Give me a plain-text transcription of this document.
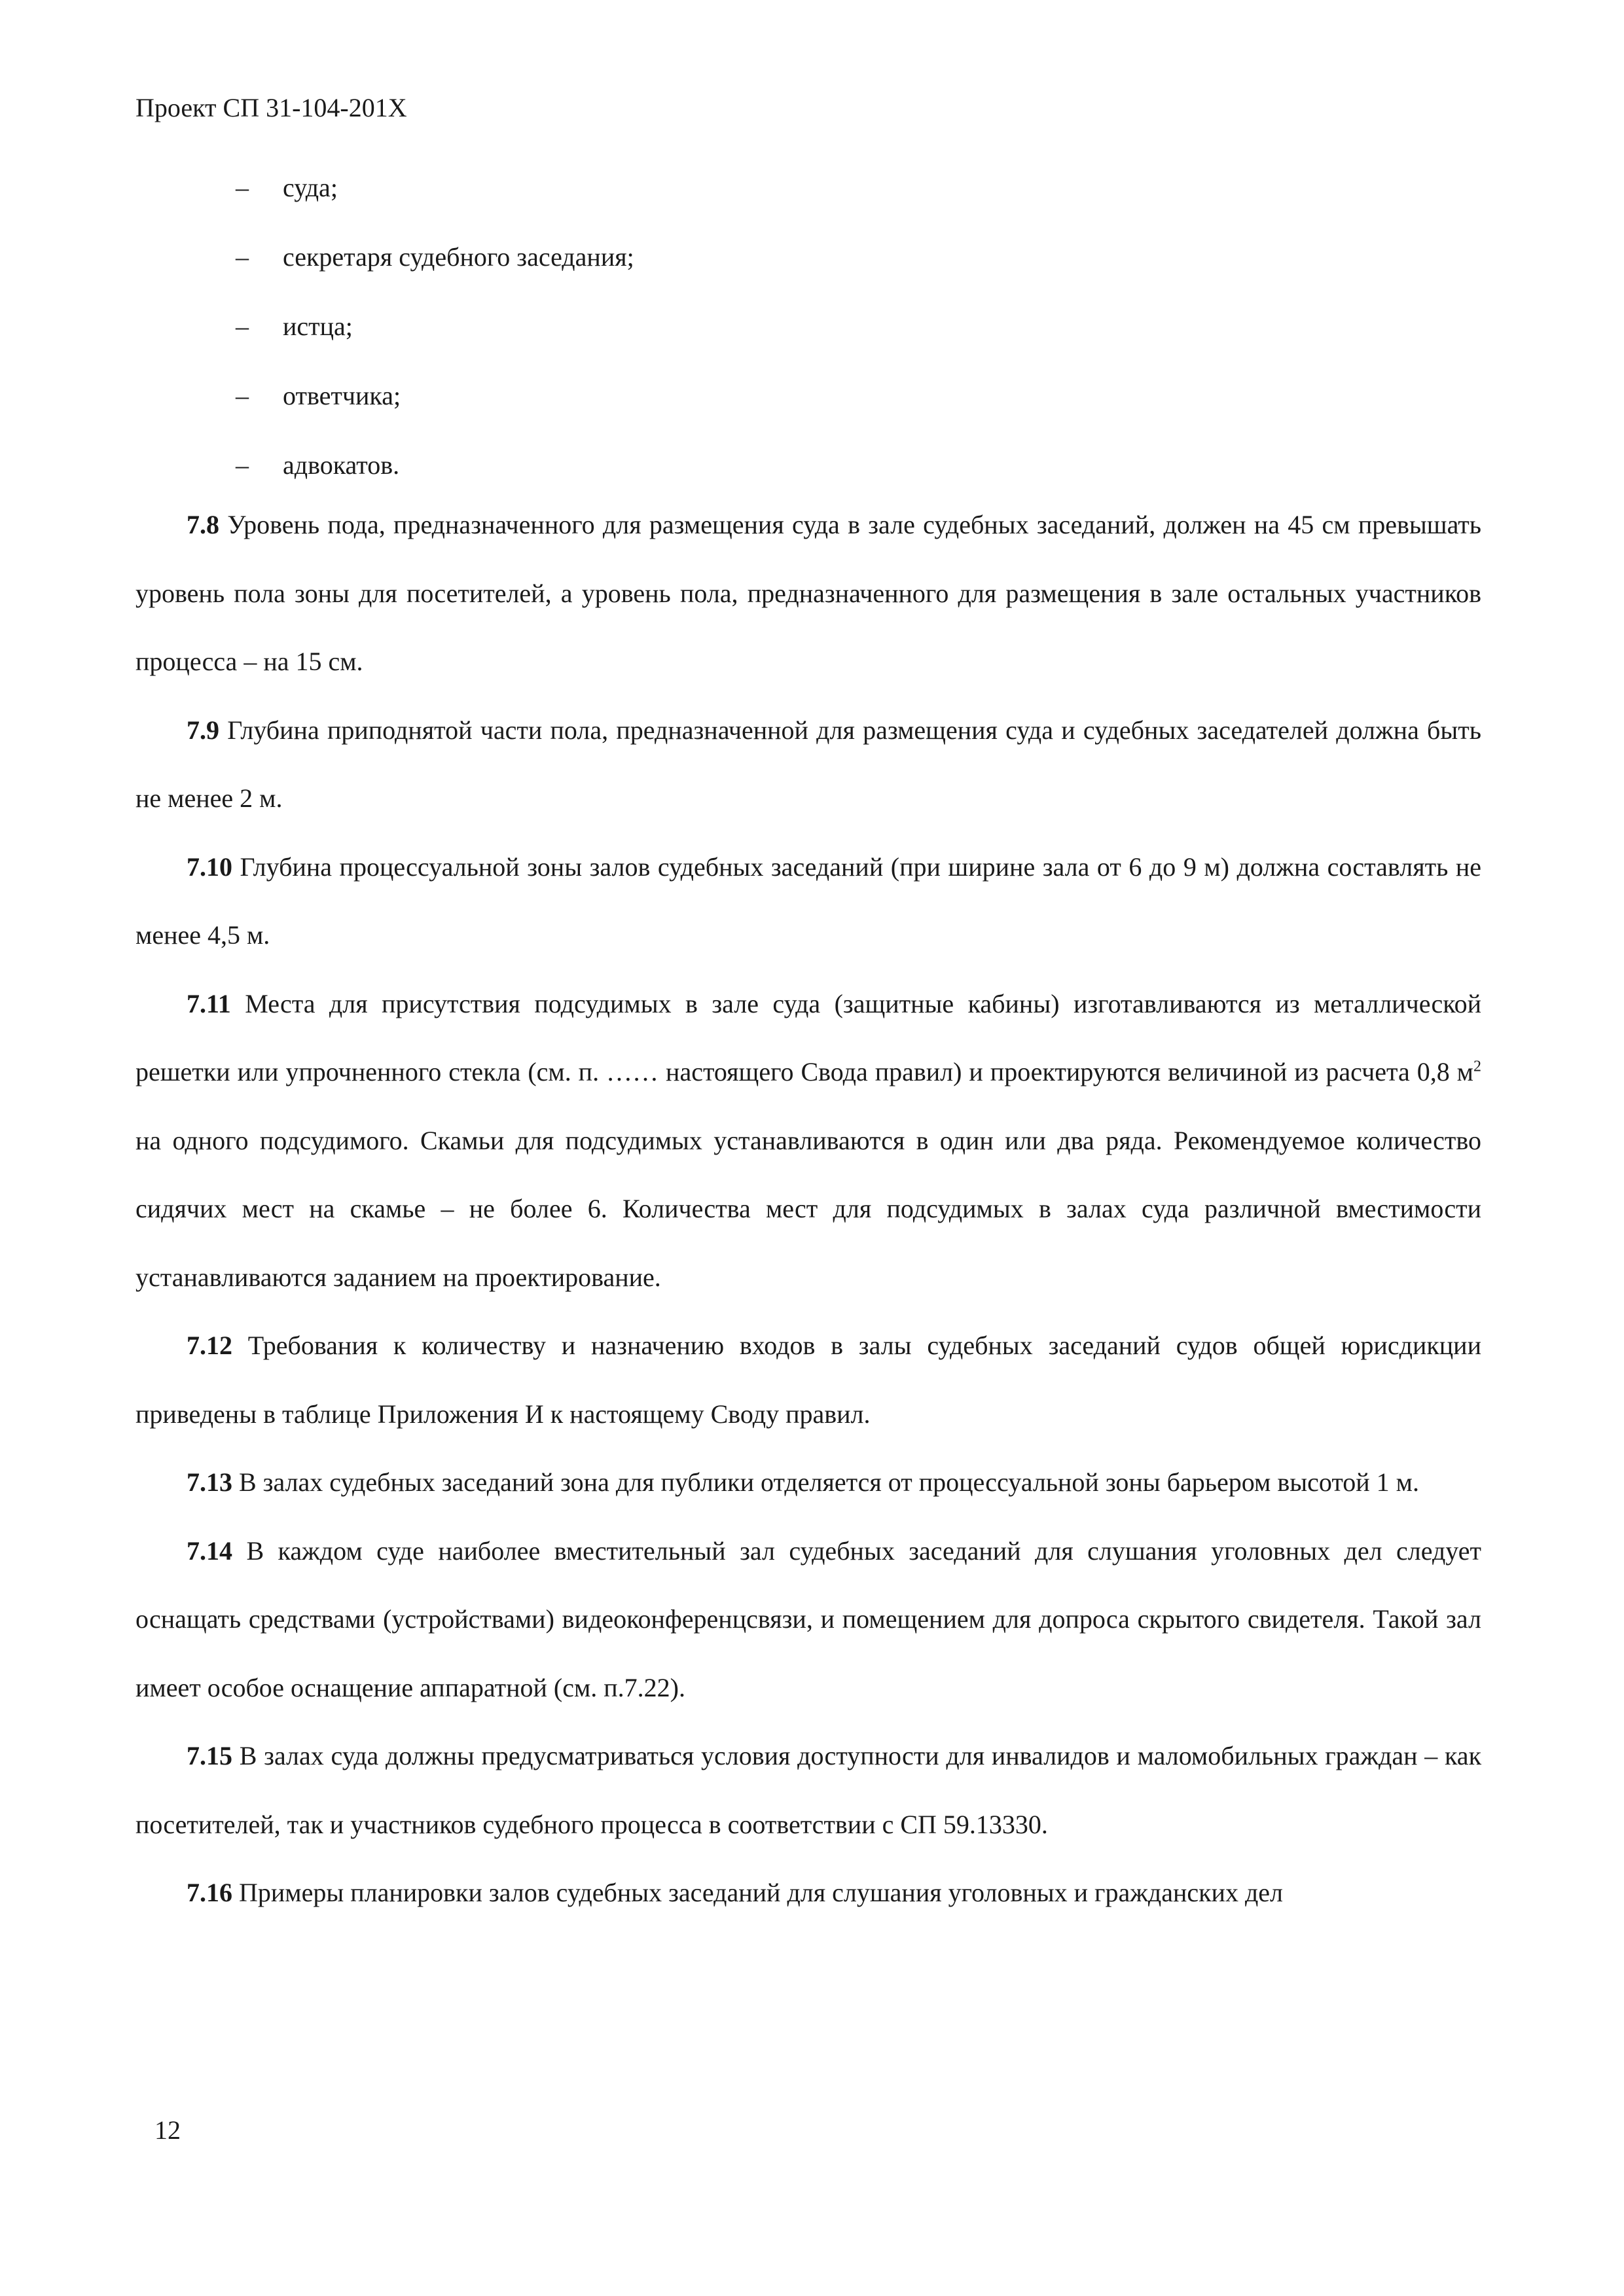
Проект СП 31-104-201Х
– суда;
– секретаря судебного заседания;
– истца;
– ответчика;
– адвокатов.

7.8 Уровень пода, предназначенного для размещения суда в зале судебных заседаний, должен на 45 см превышать уровень пола зоны для посетителей, а уровень пола, предназначенного для размещения в зале остальных участников процесса – на 15 см.

7.9 Глубина приподнятой части пола, предназначенной для размещения суда и судебных заседателей должна быть не менее 2 м.

7.10 Глубина процессуальной зоны залов судебных заседаний (при ширине зала от 6 до 9 м) должна составлять не менее 4,5 м.

7.11 Места для присутствия подсудимых в зале суда (защитные кабины) изготавливаются из металлической решетки или упрочненного стекла (см. п. …… настоящего Свода правил) и проектируются величиной из расчета 0,8 $м^2$ на одного подсудимого. Скамьи для подсудимых устанавливаются в один или два ряда. Рекомендуемое количество сидячих мест на скамье – не более 6. Количества мест для подсудимых в залах суда различной вместимости устанавливаются заданием на проектирование.

7.12 Требования к количеству и назначению входов в залы судебных заседаний судов общей юрисдикции приведены в таблице Приложения И к настоящему Своду правил.

7.13 В залах судебных заседаний зона для публики отделяется от процессуальной зоны барьером высотой 1 м.

7.14 В каждом суде наиболее вместительный зал судебных заседаний для слушания уголовных дел следует оснащать средствами (устройствами) видеоконференцсвязи, и помещением для допроса скрытого свидетеля. Такой зал имеет особое оснащение аппаратной (см. п.7.22).

7.15 В залах суда должны предусматриваться условия доступности для инвалидов и маломобильных граждан – как посетителей, так и участников судебного процесса в соответствии с СП 59.13330.

7.16 Примеры планировки залов судебных заседаний для слушания уголовных и гражданских дел

12
